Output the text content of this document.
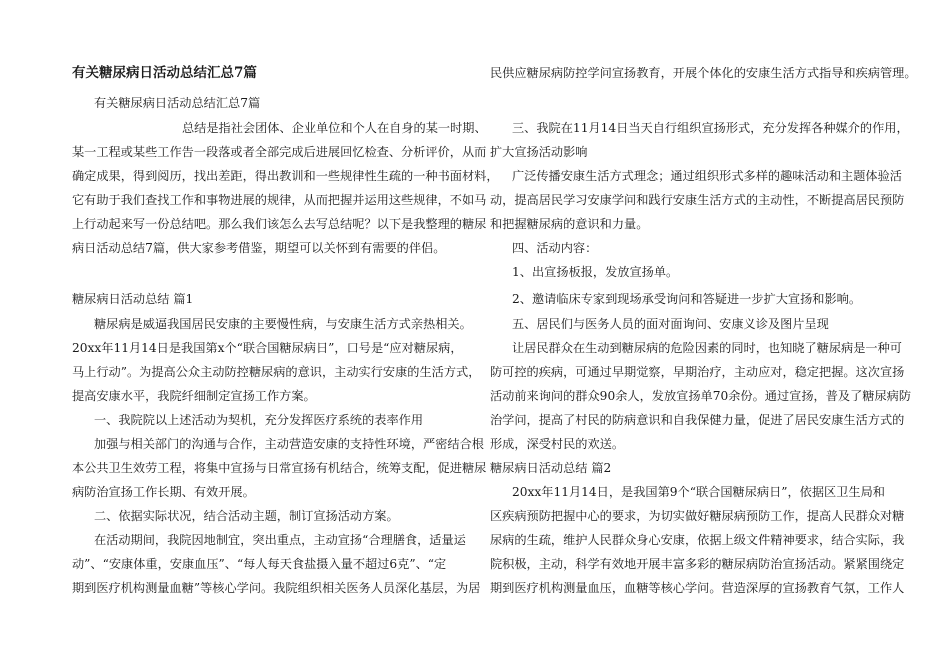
有关糖尿病日活动总结汇总7篇
有关糖尿病日活动总结汇总7篇
总结是指社会团体、企业单位和个人在自身的某一时期、
某一工程或某些工作告一段落或者全部完成后进展回忆检查、分析评价，从而
确定成果，得到阅历，找出差距，得出教训和一些规律性生疏的一种书面材料，
它有助于我们查找工作和事物进展的规律，从而把握并运用这些规律，不如马
上行动起来写一份总结吧。那么我们该怎么去写总结呢？以下是我整理的糖尿
病日活动总结7篇，供大家参考借鉴，期望可以关怀到有需要的伴侣。
糖尿病日活动总结 篇1
糖尿病是威逼我国居民安康的主要慢性病，与安康生活方式亲热相关。
20xx年11月14日是我国第x个“联合国糖尿病日”，口号是“应对糖尿病，
马上行动”。为提高公众主动防控糖尿病的意识，主动实行安康的生活方式，
提高安康水平，我院纤细制定宣扬工作方案。
一、我院院以上述活动为契机，充分发挥医疗系统的表率作用
加强与相关部门的沟通与合作，主动营造安康的支持性环境，严密结合根
本公共卫生效劳工程，将集中宣扬与日常宣扬有机结合，统筹支配，促进糖尿
病防治宣扬工作长期、有效开展。
二、依据实际状况，结合活动主题，制订宣扬活动方案。
在活动期间，我院因地制宜，突出重点，主动宣扬“合理膳食，适量运
动”、“安康体重，安康血压”、“每人每天食盐摄入量不超过6克”、“定
期到医疗机构测量血糖”等核心学问。我院组织相关医务人员深化基层，为居
民供应糖尿病防控学问宣扬教育，开展个体化的安康生活方式指导和疾病管理。
三、我院在11月14日当天自行组织宣扬形式，充分发挥各种媒介的作用，
扩大宣扬活动影响
广泛传播安康生活方式理念；通过组织形式多样的趣味活动和主题体验活
动，提高居民学习安康学问和践行安康生活方式的主动性，不断提高居民预防
和把握糖尿病的意识和力量。
四、活动内容：
1、出宣扬板报，发放宣扬单。
2、邀请临床专家到现场承受询问和答疑进一步扩大宣扬和影响。
五、居民们与医务人员的面对面询问、安康义诊及图片呈现
让居民群众在生动到糖尿病的危险因素的同时，也知晓了糖尿病是一种可
防可控的疾病，可通过早期觉察，早期治疗，主动应对，稳定把握。这次宣扬
活动前来询问的群众90余人，发放宣扬单70余份。通过宣扬，普及了糖尿病防
治学问，提高了村民的防病意识和自我保健力量，促进了居民安康生活方式的
形成，深受村民的欢送。
糖尿病日活动总结 篇2
20xx年11月14日，是我国第9个“联合国糖尿病日”，依据区卫生局和
区疾病预防把握中心的要求，为切实做好糖尿病预防工作，提高人民群众对糖
尿病的生疏，维护人民群众身心安康，依据上级文件精神要求，结合实际，我
院积极，主动，科学有效地开展丰富多彩的糖尿病防治宣扬活动。紧紧围绕定
期到医疗机构测量血压，血糖等核心学问。营造深厚的宣扬教育气氛，工作人
